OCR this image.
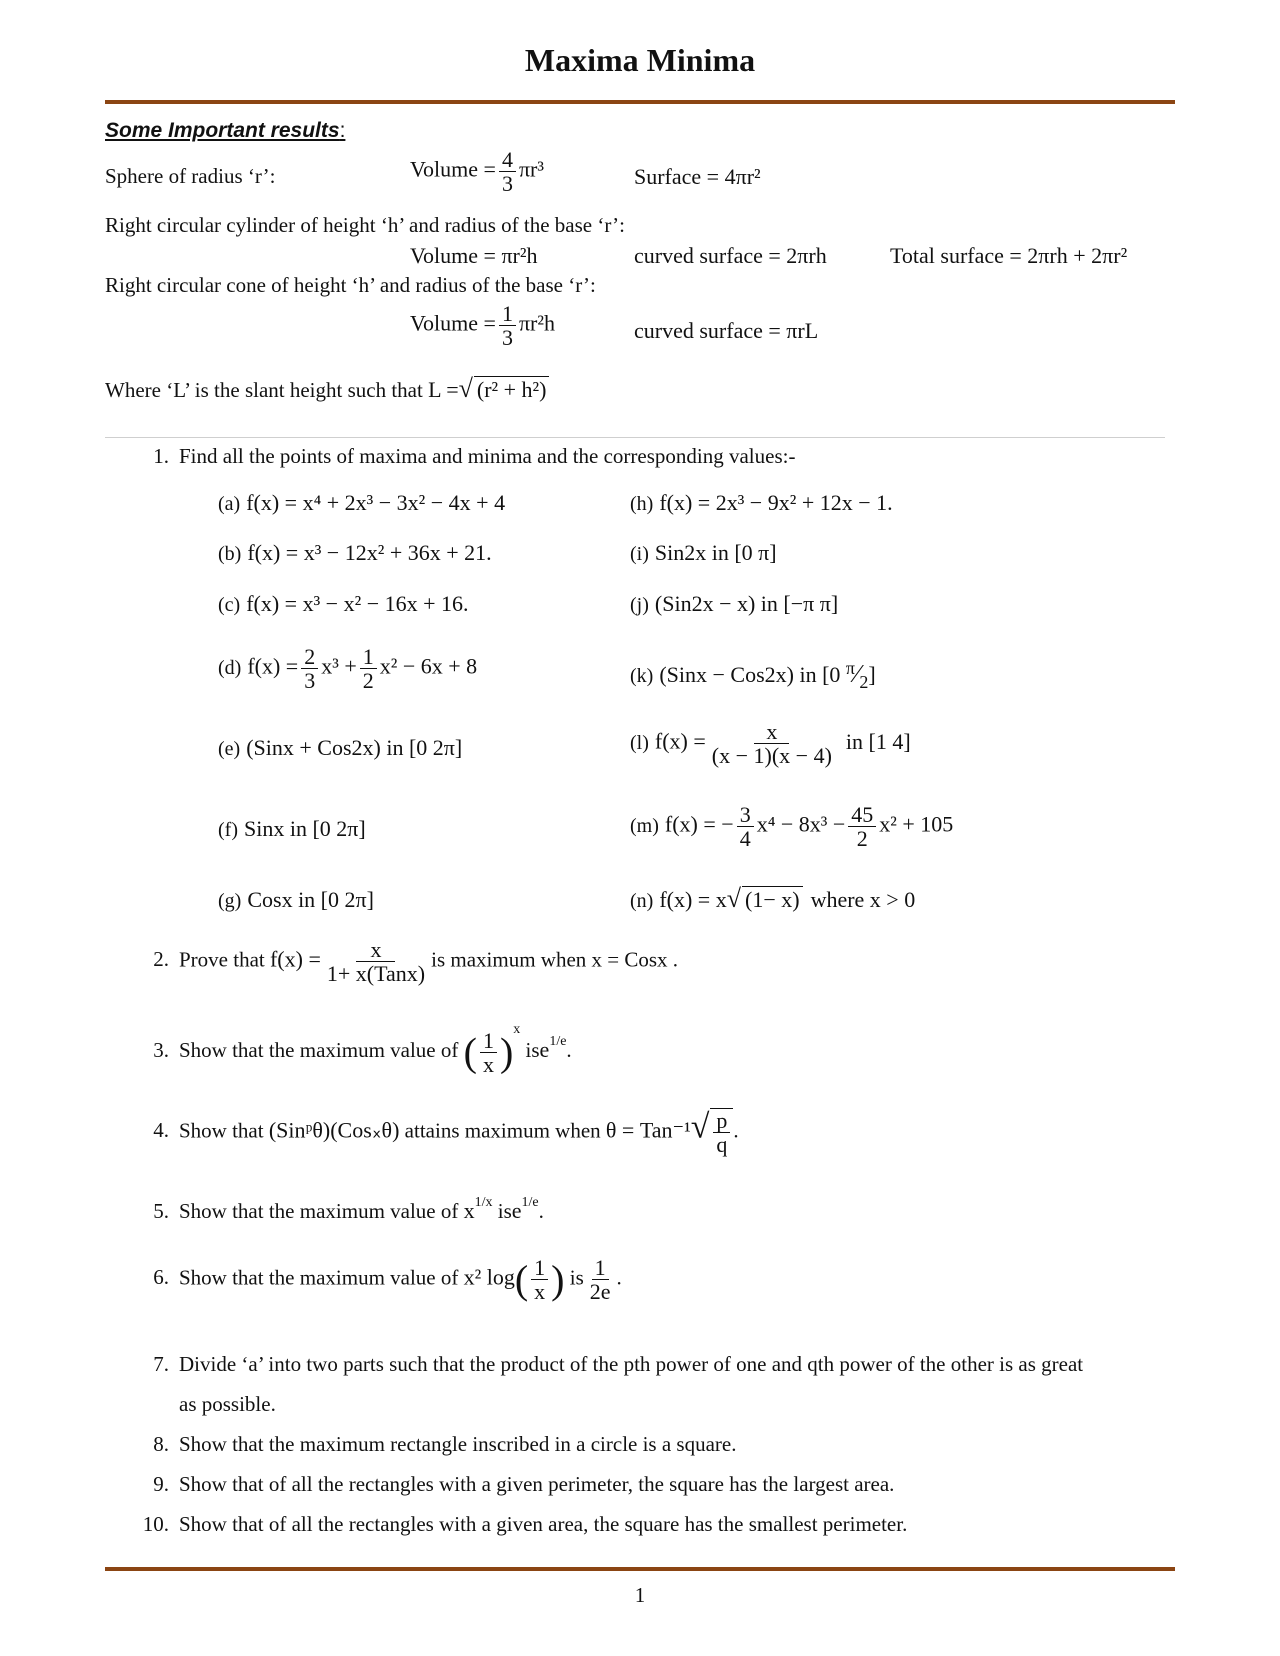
Maxima Minima
Some Important results:
Sphere of radius ‘r’:	Volume = $\frac{4}{3} \pi r^3$	Surface = 4πr²
Right circular cylinder of height ‘h’ and radius of the base ‘r’:
Volume = πr²h	curved surface = 2πrh	Total surface = 2πrh + 2πr²
Right circular cone of height ‘h’ and radius of the base ‘r’:
Volume = $\frac{1}{3} \pi r^2h$	curved surface = πrL
Where ‘L’ is the slant height such that L =√ (r² + h²)
1. Find all the points of maxima and minima and the corresponding values:-
(a) f(x) = x⁴ + 2x³ − 3x² − 4x + 4
(b) f(x) = x³ − 12x² + 36x + 21.
(c) f(x) = x³ − x² − 16x + 16.
(d) $f(x) = \frac{2}{3} x^3 + \frac{1}{2} x^2 - 6x + 8$
(e) (Sinx + Cos2x) in [0 2π]
(f) Sinx in [0 2π]
(g) Cosx in [0 2π]
(h) f(x) = 2x³ − 9x² + 12x − 1.
(i) Sin2x in [0 π]
(j) (Sin2x − x) in [−π π]
(k) (Sinx − Cos2x) in [0 $^\pi∕_2$]
(l) $f(x) = \frac{x}{(x - 1)(x - 4)}$ in [1 4]
(m) f(x) = − $\frac{3}{4} x^4 - 8x^3 - \frac{45}{2} x^2 + 105$
(n) f(x) = x√ (1− x) where x > 0
2. Prove that $f(x) = \frac{x}{\text{1+ x(Tanx)}}$ is maximum when x = Cosx .
3. Show that the maximum value of ( $\frac{1}{x} )^x$ ise$^{1/e}$.
4. Show that (Sinᵖθ)(Cos᙮θ) attains maximum when $\theta = Tan^{-1}√ \frac{p}{q}$ .
5. Show that the maximum value of $x^{1/x}$ ise$^{1/e}$.
6. Show that the maximum value of x² $\log( \frac{1}{x}$ ) is $\frac{1}{2e}$ .
7. Divide ‘a’ into two parts such that the product of the pth power of one and qth power of the other is as great
as possible.
8. Show that the maximum rectangle inscribed in a circle is a square.
9. Show that of all the rectangles with a given perimeter, the square has the largest area.
10. Show that of all the rectangles with a given area, the square has the smallest perimeter.
1
